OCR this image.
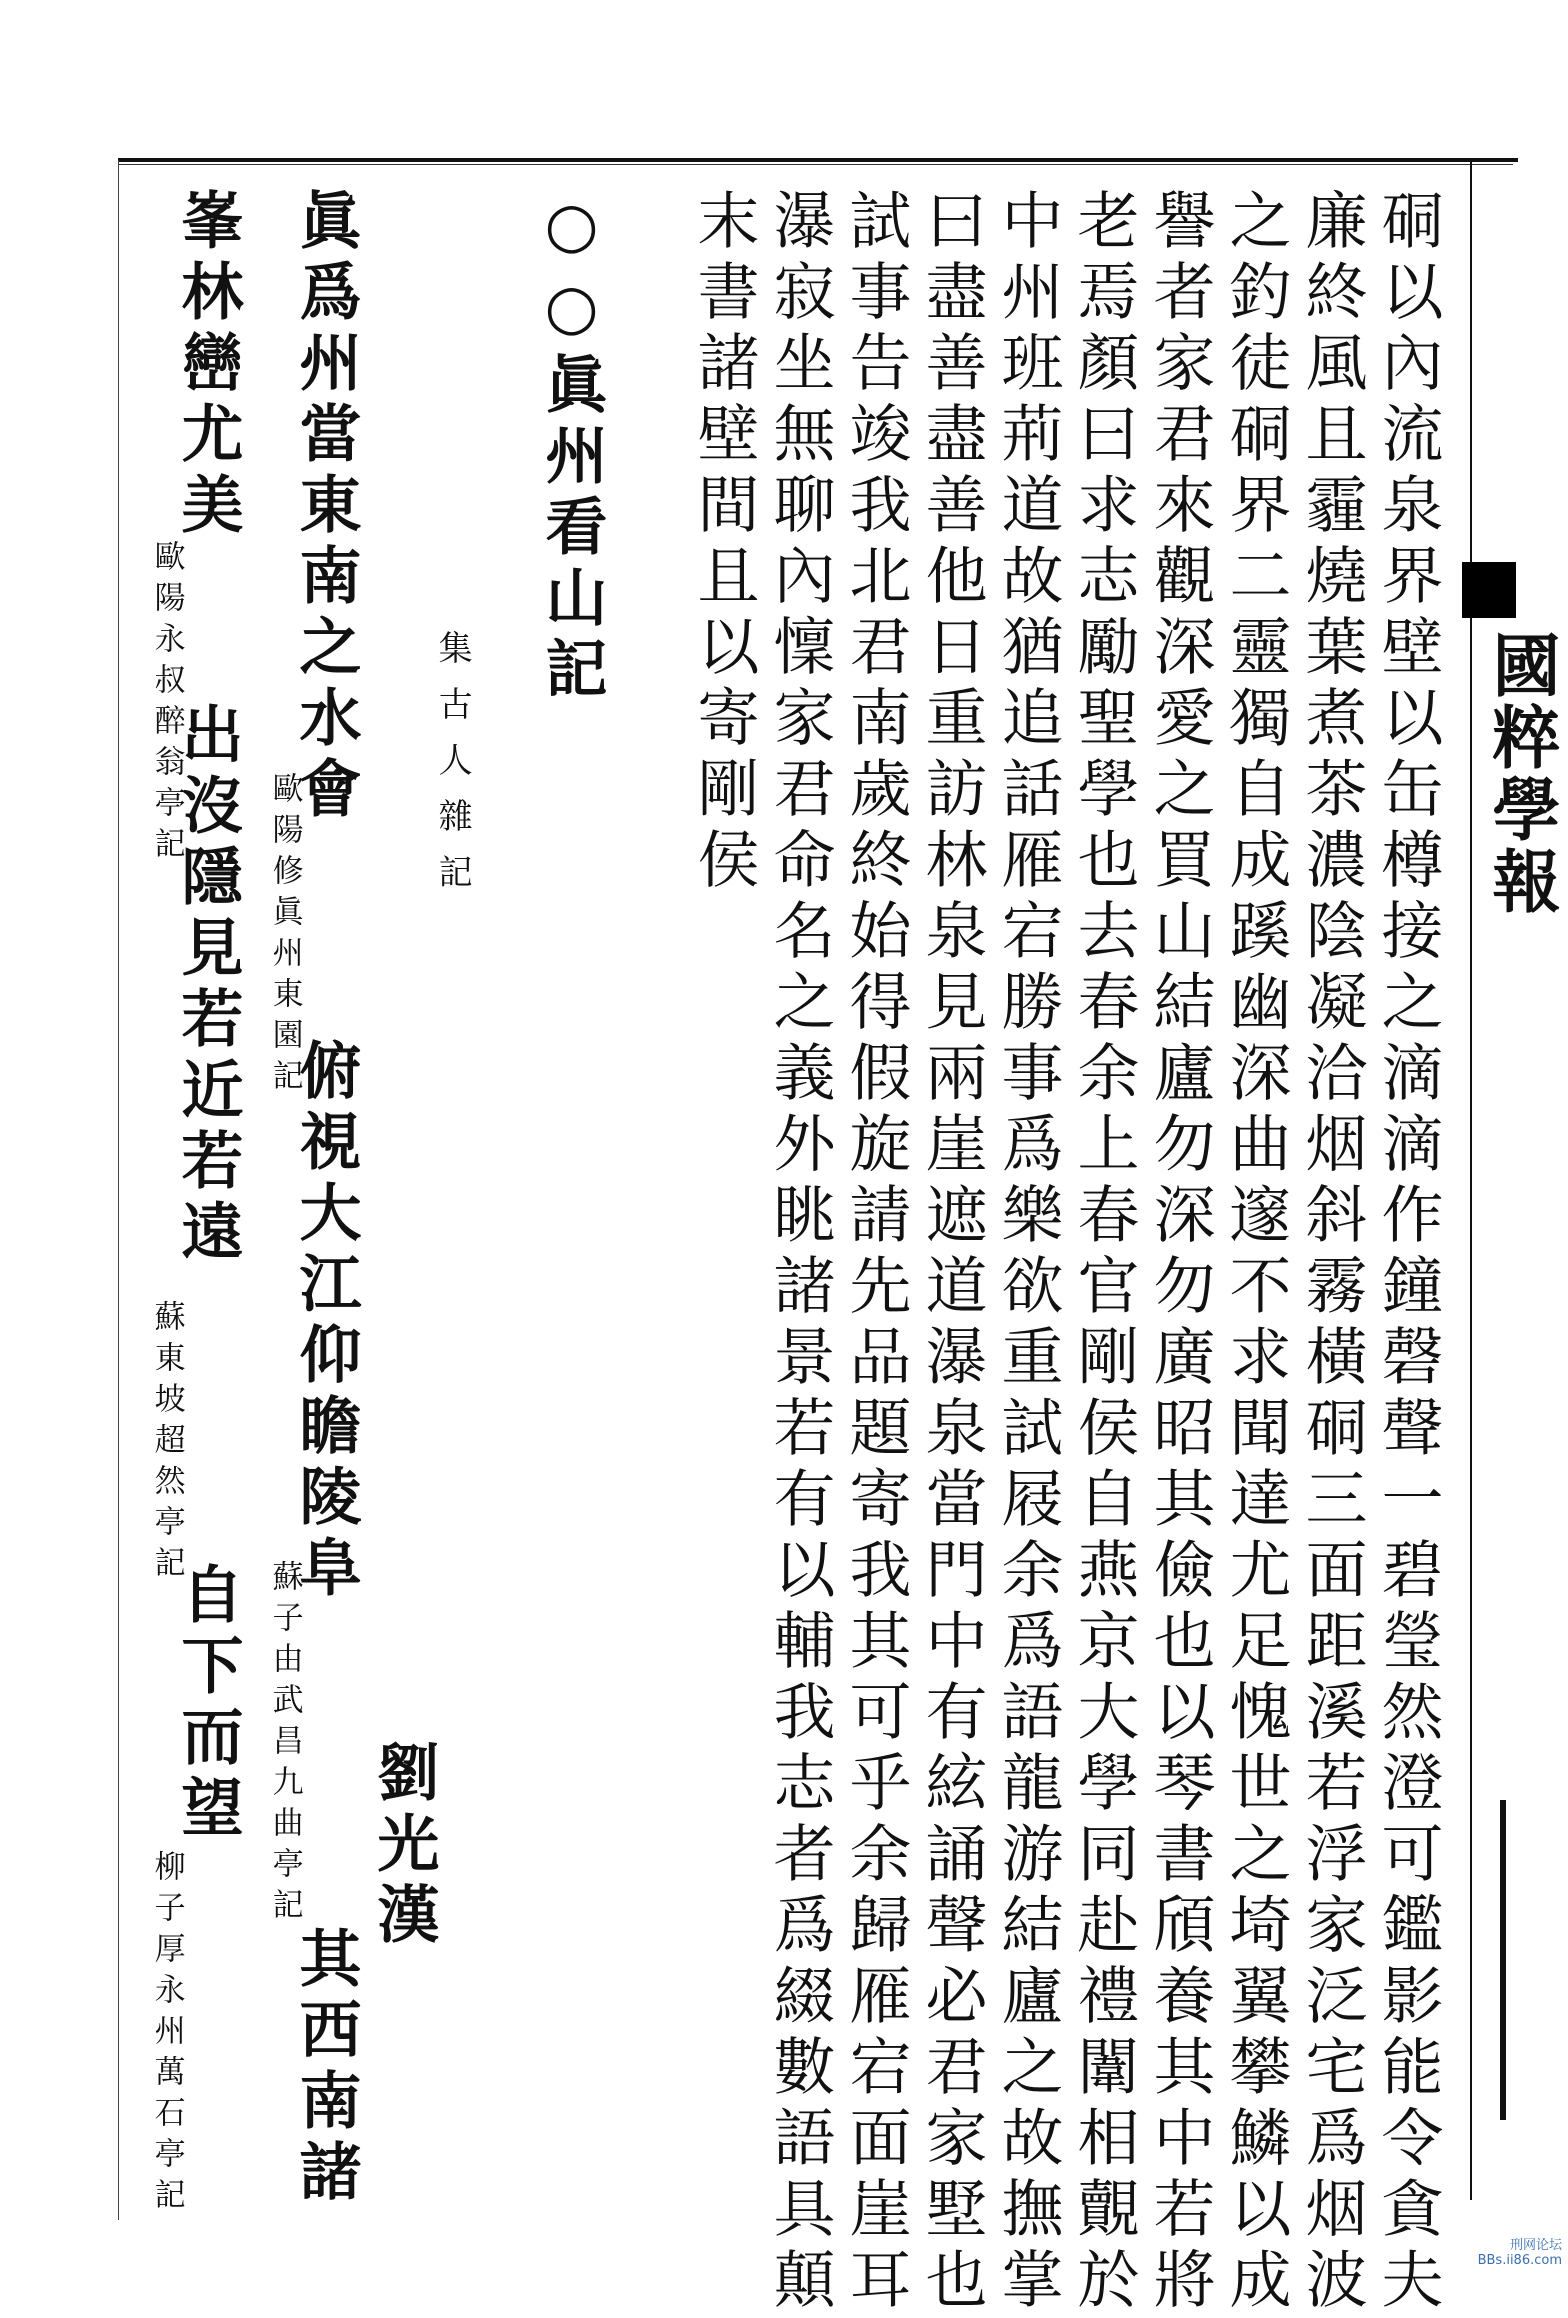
國粹學報
硐以內流泉界壁以缶樽接之滴滴作鐘磬聲一碧瑩然澄可鑑影能令貪夫
廉終風且霾燒葉煮茶濃陰凝洽烟斜霧橫硐三面距溪若浮家泛宅爲烟波
之釣徒硐界二靈獨自成蹊幽深曲邃不求聞達尤足愧世之埼翼攀鱗以成
譽者家君來觀深愛之買山結廬勿深勿廣昭其儉也以琴書頎養其中若將
老焉顏曰求志勵聖學也去春余上春官剛侯自燕京大學同赴禮闈相覿於
中州班荊道故猶追話雁宕勝事爲樂欲重試屐余爲語龍游結廬之故撫掌
曰盡善盡善他日重訪林泉見兩崖遮道瀑泉當門中有絃誦聲必君家墅也
試事告竣我北君南歲終始得假旋請先品題寄我其可乎余歸雁宕面崖耳
瀑寂坐無聊內懍家君命名之義外眺諸景若有以輔我志者爲綴數語具顛
末書諸壁間且以寄剛侯
○○眞州看山記
集古人雜記
劉光漢
眞爲州當東南之水會
歐陽修眞州東園記
俯視大江仰瞻陵阜
蘇子由武昌九曲亭記
其西南諸
峯林巒尤美
歐陽永叔醉翁亭記
出沒隱見若近若遠
蘇東坡超然亭記
自下而望
柳子厚永州萬石亭記
刑网论坛
BBs.ii86.com
